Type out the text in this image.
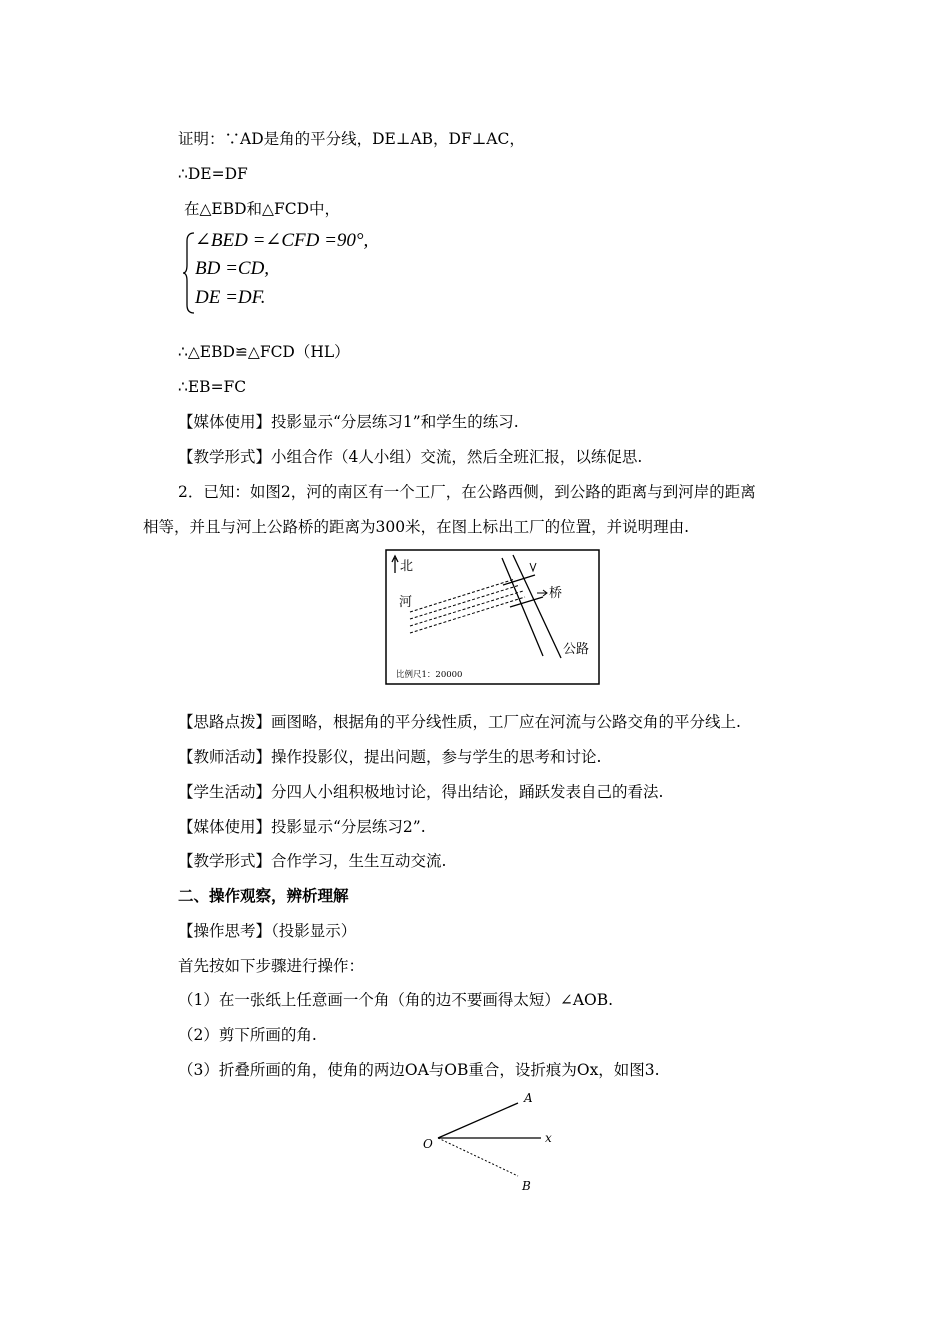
证明：∵AD是角的平分线，DE⊥AB，DF⊥AC，
∴DE=DF
在△EBD和△FCD中，
∠BED =∠CFD =90°,
BD =CD,
DE =DF.
∴△EBD≌△FCD（HL）
∴EB=FC
【媒体使用】投影显示“分层练习1”和学生的练习.
【教学形式】小组合作（4人小组）交流，然后全班汇报，以练促思.
2．已知：如图2，河的南区有一个工厂，在公路西侧，到公路的距离与到河岸的距离
相等，并且与河上公路桥的距离为300米，在图上标出工厂的位置，并说明理由.
北
河
桥
公路
比例尺1：20000
【思路点拨】画图略，根据角的平分线性质，工厂应在河流与公路交角的平分线上.
【教师活动】操作投影仪，提出问题，参与学生的思考和讨论.
【学生活动】分四人小组积极地讨论，得出结论，踊跃发表自己的看法.
【媒体使用】投影显示“分层练习2”.
【教学形式】合作学习，生生互动交流.
二、操作观察，辨析理解
【操作思考】（投影显示）
首先按如下步骤进行操作：
（1）在一张纸上任意画一个角（角的边不要画得太短）∠AOB.
（2）剪下所画的角.
（3）折叠所画的角，使角的两边OA与OB重合，设折痕为Ox，如图3.
O
A
x
B
